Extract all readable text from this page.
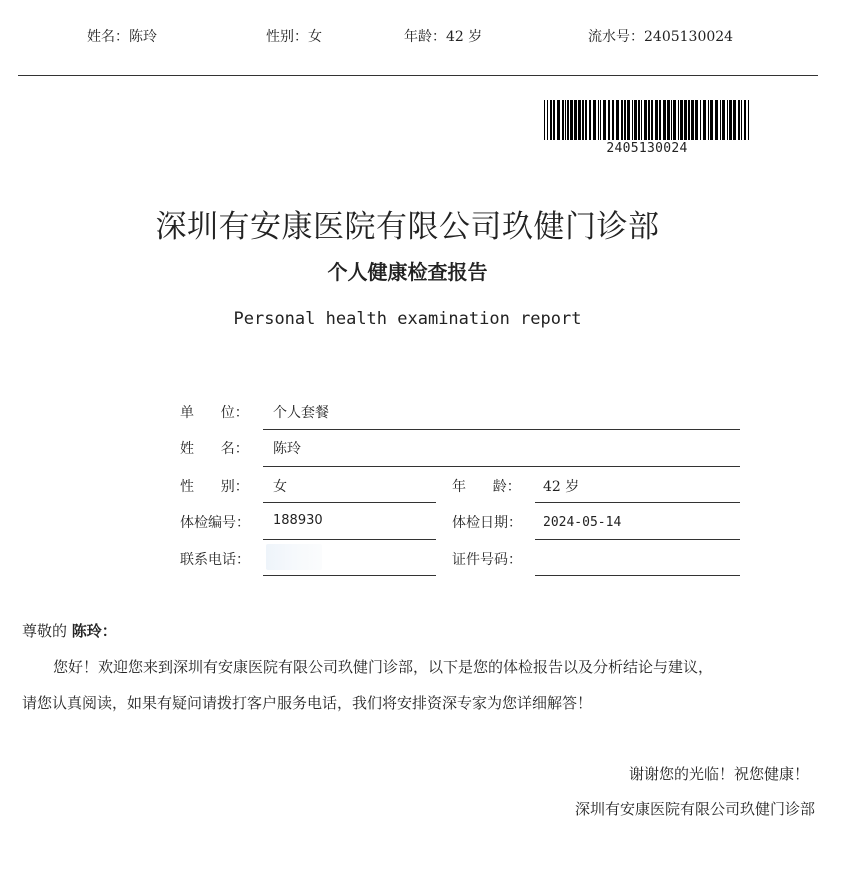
姓名：陈玲	性别：女	年龄：42 岁	流水号：2405130024
2405130024
深圳有安康医院有限公司玖健门诊部
个人健康检查报告
Personal health examination report
单      位： 个人套餐
姓      名： 陈玲
性      别： 女	年      龄： 42 岁
体检编号： 188930	体检日期： 2024-05-14
联系电话：	证件号码：
尊敬的 陈玲：
您好！欢迎您来到深圳有安康医院有限公司玖健门诊部，以下是您的体检报告以及分析结论与建议，
请您认真阅读，如果有疑问请拨打客户服务电话，我们将安排资深专家为您详细解答！
谢谢您的光临！祝您健康！
深圳有安康医院有限公司玖健门诊部
